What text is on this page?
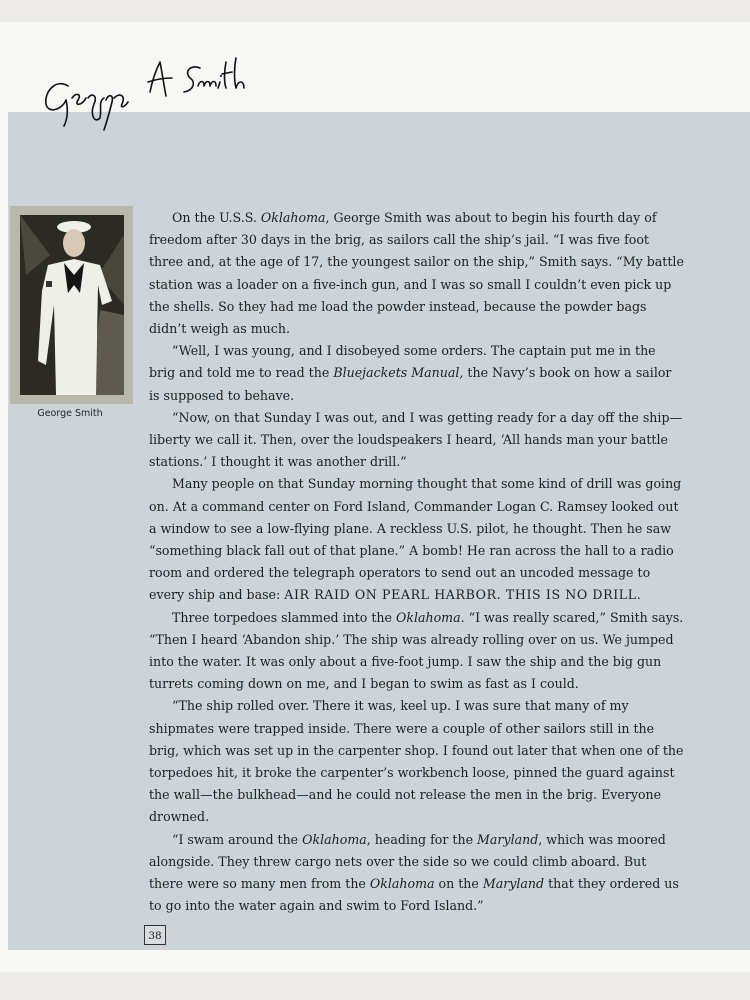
George Smith

On the U.S.S. Oklahoma, George Smith was about to begin his fourth day of freedom after 30 days in the brig, as sailors call the ship’s jail. “I was five foot three and, at the age of 17, the youngest sailor on the ship,” Smith says. “My battle station was a loader on a five-inch gun, and I was so small I couldn’t even pick up the shells. So they had me load the powder instead, because the powder bags didn’t weigh as much.

“Well, I was young, and I disobeyed some orders. The captain put me in the brig and told me to read the Bluejackets Manual, the Navy’s book on how a sailor is supposed to behave.

“Now, on that Sunday I was out, and I was getting ready for a day off the ship—liberty we call it. Then, over the loudspeakers I heard, ‘All hands man your battle stations.’ I thought it was another drill.”

Many people on that Sunday morning thought that some kind of drill was going on. At a command center on Ford Island, Commander Logan C. Ramsey looked out a window to see a low-flying plane. A reckless U.S. pilot, he thought. Then he saw “something black fall out of that plane.” A bomb! He ran across the hall to a radio room and ordered the telegraph operators to send out an uncoded message to every ship and base: AIR RAID ON PEARL HARBOR. THIS IS NO DRILL.

Three torpedoes slammed into the Oklahoma. “I was really scared,” Smith says. “Then I heard ‘Abandon ship.’ The ship was already rolling over on us. We jumped into the water. It was only about a five-foot jump. I saw the ship and the big gun turrets coming down on me, and I began to swim as fast as I could.

“The ship rolled over. There it was, keel up. I was sure that many of my shipmates were trapped inside. There were a couple of other sailors still in the brig, which was set up in the carpenter shop. I found out later that when one of the torpedoes hit, it broke the carpenter’s workbench loose, pinned the guard against the wall—the bulkhead—and he could not release the men in the brig. Everyone drowned.

“I swam around the Oklahoma, heading for the Maryland, which was moored alongside. They threw cargo nets over the side so we could climb aboard. But there were so many men from the Oklahoma on the Maryland that they ordered us to go into the water again and swim to Ford Island.”

38
